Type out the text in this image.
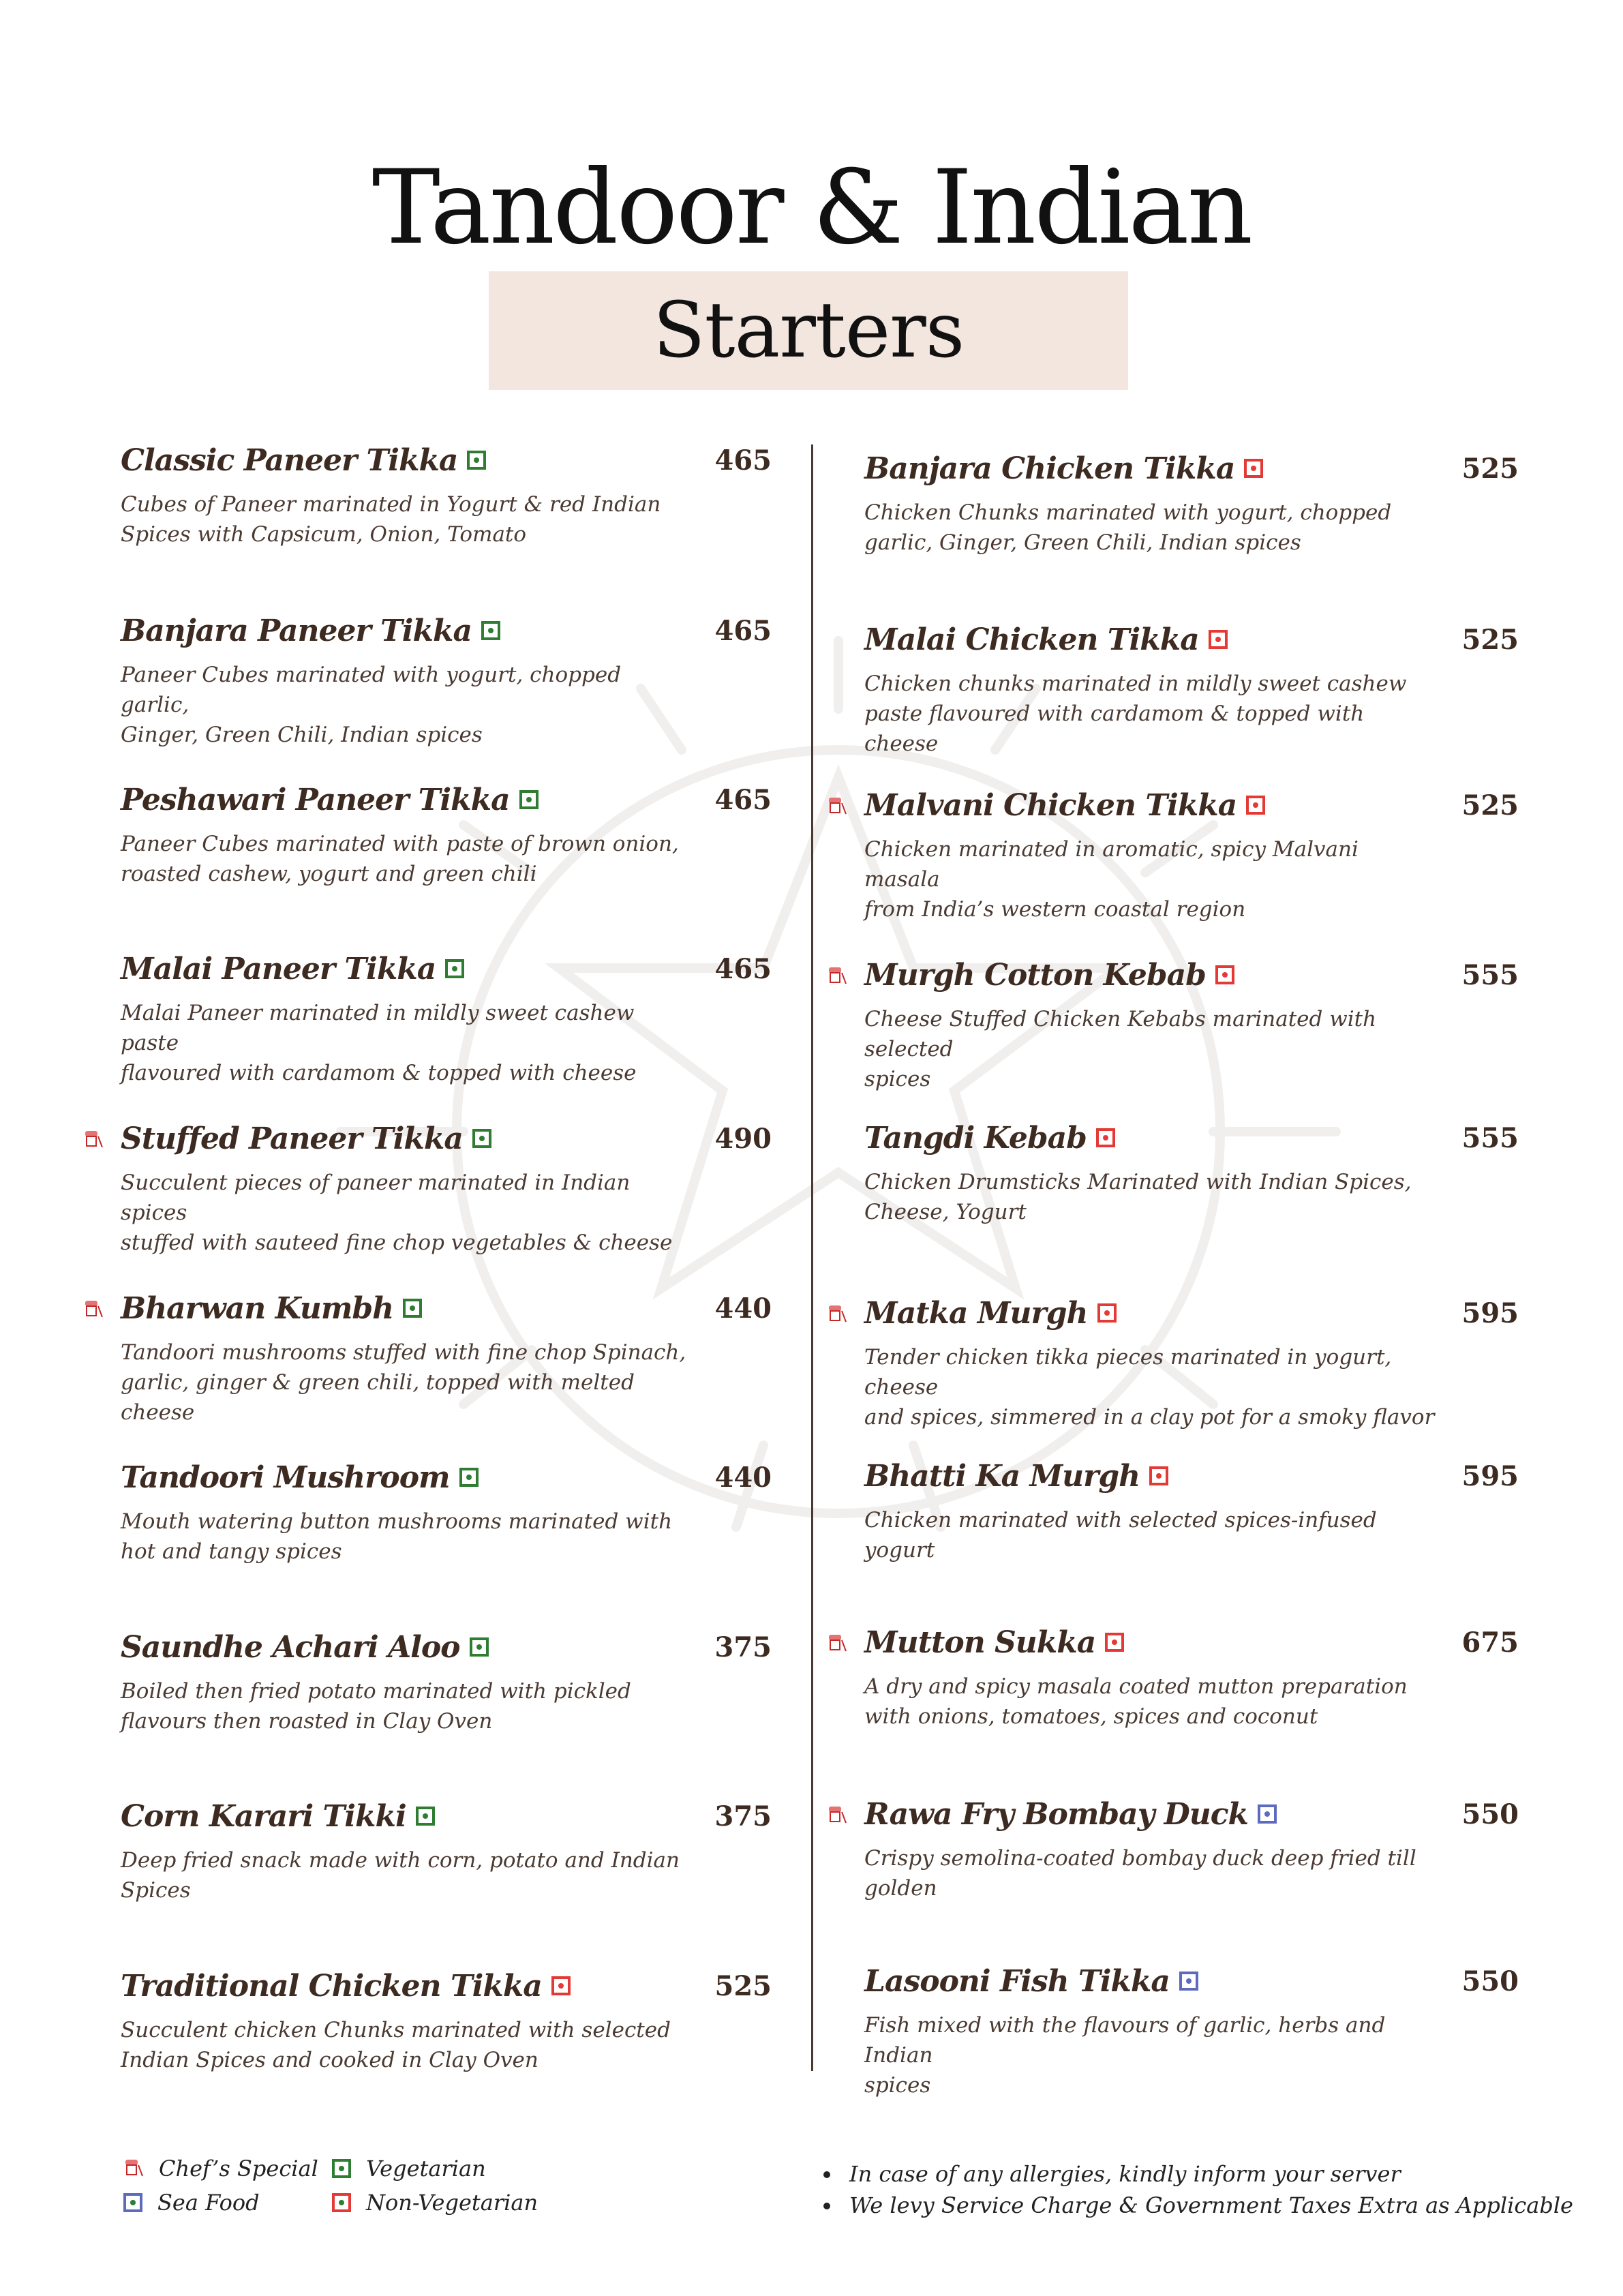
Tandoor & Indian
Starters
Chef’s Special
Sea Food
Vegetarian
Non-Vegetarian
In case of any allergies, kindly inform your server
We levy Service Charge & Government Taxes Extra as Applicable
Classic Paneer Tikka	465
Cubes of Paneer marinated in Yogurt & red Indian
Spices with Capsicum, Onion, Tomato
Banjara Paneer Tikka	465
Paneer Cubes marinated with yogurt, chopped garlic,
Ginger, Green Chili, Indian spices
Peshawari Paneer Tikka	465
Paneer Cubes marinated with paste of brown onion,
roasted cashew, yogurt and green chili
Malai Paneer Tikka	465
Malai Paneer marinated in mildly sweet cashew paste
flavoured with cardamom & topped with cheese
Stuffed Paneer Tikka	490
Succulent pieces of paneer marinated in Indian spices
stuffed with sauteed fine chop vegetables & cheese
Bharwan Kumbh	440
Tandoori mushrooms stuffed with fine chop Spinach,
garlic, ginger & green chili, topped with melted cheese
Tandoori Mushroom	440
Mouth watering button mushrooms marinated with
hot and tangy spices
Saundhe Achari Aloo	375
Boiled then fried potato marinated with pickled
flavours then roasted in Clay Oven
Corn Karari Tikki	375
Deep fried snack made with corn, potato and Indian
Spices
Traditional Chicken Tikka	525
Succulent chicken Chunks marinated with selected
Indian Spices and cooked in Clay Oven
Banjara Chicken Tikka	525
Chicken Chunks marinated with yogurt, chopped
garlic, Ginger, Green Chili, Indian spices
Malai Chicken Tikka	525
Chicken chunks marinated in mildly sweet cashew
paste flavoured with cardamom & topped with cheese
Malvani Chicken Tikka	525
Chicken marinated in aromatic, spicy Malvani masala
from India’s western coastal region
Murgh Cotton Kebab	555
Cheese Stuffed Chicken Kebabs marinated with selected
spices
Tangdi Kebab	555
Chicken Drumsticks Marinated with Indian Spices,
Cheese, Yogurt
Matka Murgh	595
Tender chicken tikka pieces marinated in yogurt, cheese
and spices, simmered in a clay pot for a smoky flavor
Bhatti Ka Murgh	595
Chicken marinated with selected spices-infused yogurt
Mutton Sukka	675
A dry and spicy masala coated mutton preparation
with onions, tomatoes, spices and coconut
Rawa Fry Bombay Duck	550
Crispy semolina-coated bombay duck deep fried till
golden
Lasooni Fish Tikka	550
Fish mixed with the flavours of garlic, herbs and Indian
spices
